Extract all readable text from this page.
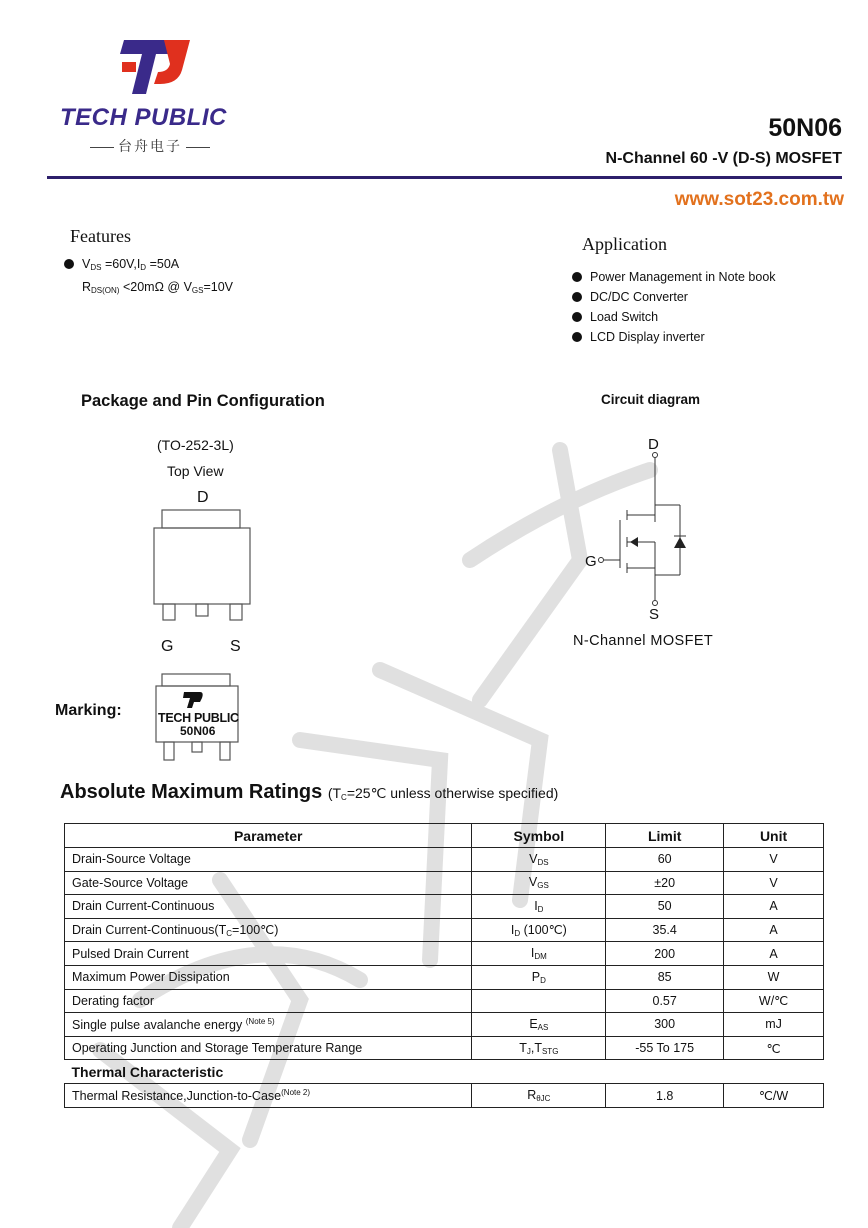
TECH PUBLIC
台舟电子
50N06
N-Channel 60 -V (D-S) MOSFET
www.sot23.com.tw
Features
$V_{DS} =60V,I_D =50A$
$R_{DS(ON)} <20m\Omega$ @ $V_{GS}=10V$
Application
Power Management in Note book
DC/DC Converter
Load Switch
LCD Display inverter
Package and Pin Configuration
(TO-252-3L)
Top View
D
G	S
Circuit diagram
D
G
S
N-Channel MOSFET
Marking:	TECH PUBLIC
50N06
Absolute Maximum Ratings ($T_C=25℃$ unless otherwise specified)
Parameter	Symbol	Limit	Unit
Drain-Source Voltage	$V_{DS}$	60	V
Gate-Source Voltage	$V_{GS}$	±20	V
Drain Current-Continuous	$I_D$	50	A
Drain Current-$Continuous(T_C=100℃)$	$I_D$ (100℃)	35.4	A
Pulsed Drain Current	$I_{DM}$	200	A
Maximum Power Dissipation	$P_D$	85	W
Derating factor		0.57	W/℃
Single pulse avalanche energy $^{(Note 5)}$	$E_{AS}$	300	mJ
Operating Junction and Storage Temperature Range	$T_J,T_{STG}$	-55 To 175	℃
Thermal Characteristic			
Thermal Resistance,Junction-to-Case$^{(Note 2)}$	$R_{\theta JC}$	1.8	℃/W
